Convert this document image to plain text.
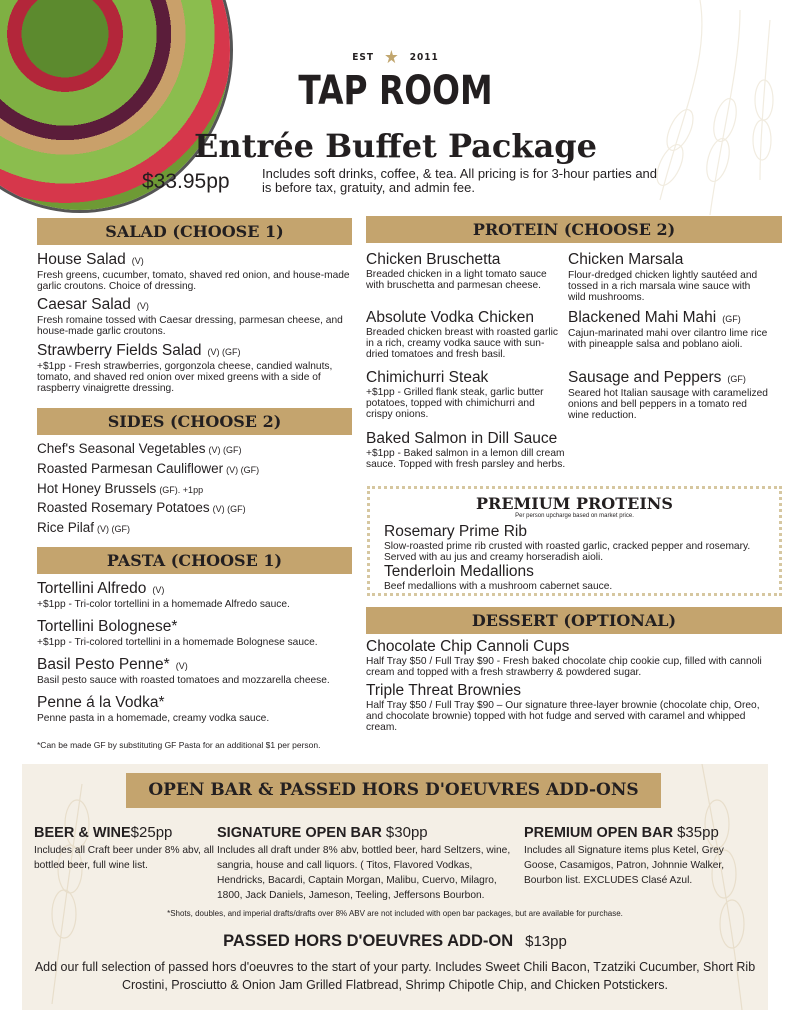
EST ★ 2011
TAP ROOM
Entrée Buffet Package
$33.95pp Includes soft drinks, coffee, & tea. All pricing is for 3-hour parties and is before tax, gratuity, and admin fee.
SALAD (CHOOSE 1)
House Salad (V)
Fresh greens, cucumber, tomato, shaved red onion, and house-made garlic croutons. Choice of dressing.
Caesar Salad (V)
Fresh romaine tossed with Caesar dressing, parmesan cheese, and house-made garlic croutons.
Strawberry Fields Salad (V) (GF)
+$1pp - Fresh strawberries, gorgonzola cheese, candied walnuts, tomato, and shaved red onion over mixed greens with a side of raspberry vinaigrette dressing.
SIDES (CHOOSE 2)
Chef's Seasonal Vegetables (V) (GF)
Roasted Parmesan Cauliflower (V) (GF)
Hot Honey Brussels (GF). +1pp
Roasted Rosemary Potatoes (V) (GF)
Rice Pilaf (V) (GF)
PASTA (CHOOSE 1)
Tortellini Alfredo (V)
+$1pp - Tri-color tortellini in a homemade Alfredo sauce.
Tortellini Bolognese*
+$1pp - Tri-colored tortellini in a homemade Bolognese sauce.
Basil Pesto Penne* (V)
Basil pesto sauce with roasted tomatoes and mozzarella cheese.
Penne á la Vodka*
Penne pasta in a homemade, creamy vodka sauce.
*Can be made GF by substituting GF Pasta for an additional $1 per person.
PROTEIN (CHOOSE 2)
Chicken Bruschetta
Breaded chicken in a light tomato sauce with bruschetta and parmesan cheese.
Absolute Vodka Chicken
Breaded chicken breast with roasted garlic in a rich, creamy vodka sauce with sun-dried tomatoes and fresh basil.
Chimichurri Steak
+$1pp - Grilled flank steak, garlic butter potatoes, topped with chimichurri and crispy onions.
Baked Salmon in Dill Sauce
+$1pp - Baked salmon in a lemon dill cream sauce. Topped with fresh parsley and herbs.
Chicken Marsala
Flour-dredged chicken lightly sautéed and tossed in a rich marsala wine sauce with wild mushrooms.
Blackened Mahi Mahi (GF)
Cajun-marinated mahi over cilantro lime rice with pineapple salsa and poblano aioli.
Sausage and Peppers (GF)
Seared hot Italian sausage with caramelized onions and bell peppers in a tomato red wine reduction.
PREMIUM PROTEINS
Per person upcharge based on market price.
Rosemary Prime Rib
Slow-roasted prime rib crusted with roasted garlic, cracked pepper and rosemary. Served with au jus and creamy horseradish aioli.
Tenderloin Medallions
Beef medallions with a mushroom cabernet sauce.
DESSERT (OPTIONAL)
Chocolate Chip Cannoli Cups
Half Tray $50 / Full Tray $90 - Fresh baked chocolate chip cookie cup, filled with cannoli cream and topped with a fresh strawberry & powdered sugar.
Triple Threat Brownies
Half Tray $50 / Full Tray $90 – Our signature three-layer brownie (chocolate chip, Oreo, and chocolate brownie) topped with hot fudge and served with caramel and whipped cream.
OPEN BAR & PASSED HORS D'OEUVRES ADD-ONS
BEER & WINE$25pp
Includes all Craft beer under 8% abv, all bottled beer, full wine list.
SIGNATURE OPEN BAR $30pp
Includes all draft under 8% abv, bottled beer, hard Seltzers, wine, sangria, house and call liquors. ( Titos, Flavored Vodkas, Hendricks, Bacardi, Captain Morgan, Malibu, Cuervo, Milagro, 1800, Jack Daniels, Jameson, Teeling, Jeffersons Bourbon.
PREMIUM OPEN BAR $35pp
Includes all Signature items plus Ketel, Grey Goose, Casamigos, Patron, Johnnie Walker, Bourbon list. EXCLUDES Clasé Azul.
*Shots, doubles, and imperial drafts/drafts over 8% ABV are not included with open bar packages, but are available for purchase.
PASSED HORS D'OEUVRES ADD-ON $13pp
Add our full selection of passed hors d'oeuvres to the start of your party. Includes Sweet Chili Bacon, Tzatziki Cucumber, Short Rib Crostini, Prosciutto & Onion Jam Grilled Flatbread, Shrimp Chipotle Chip, and Chicken Potstickers.
